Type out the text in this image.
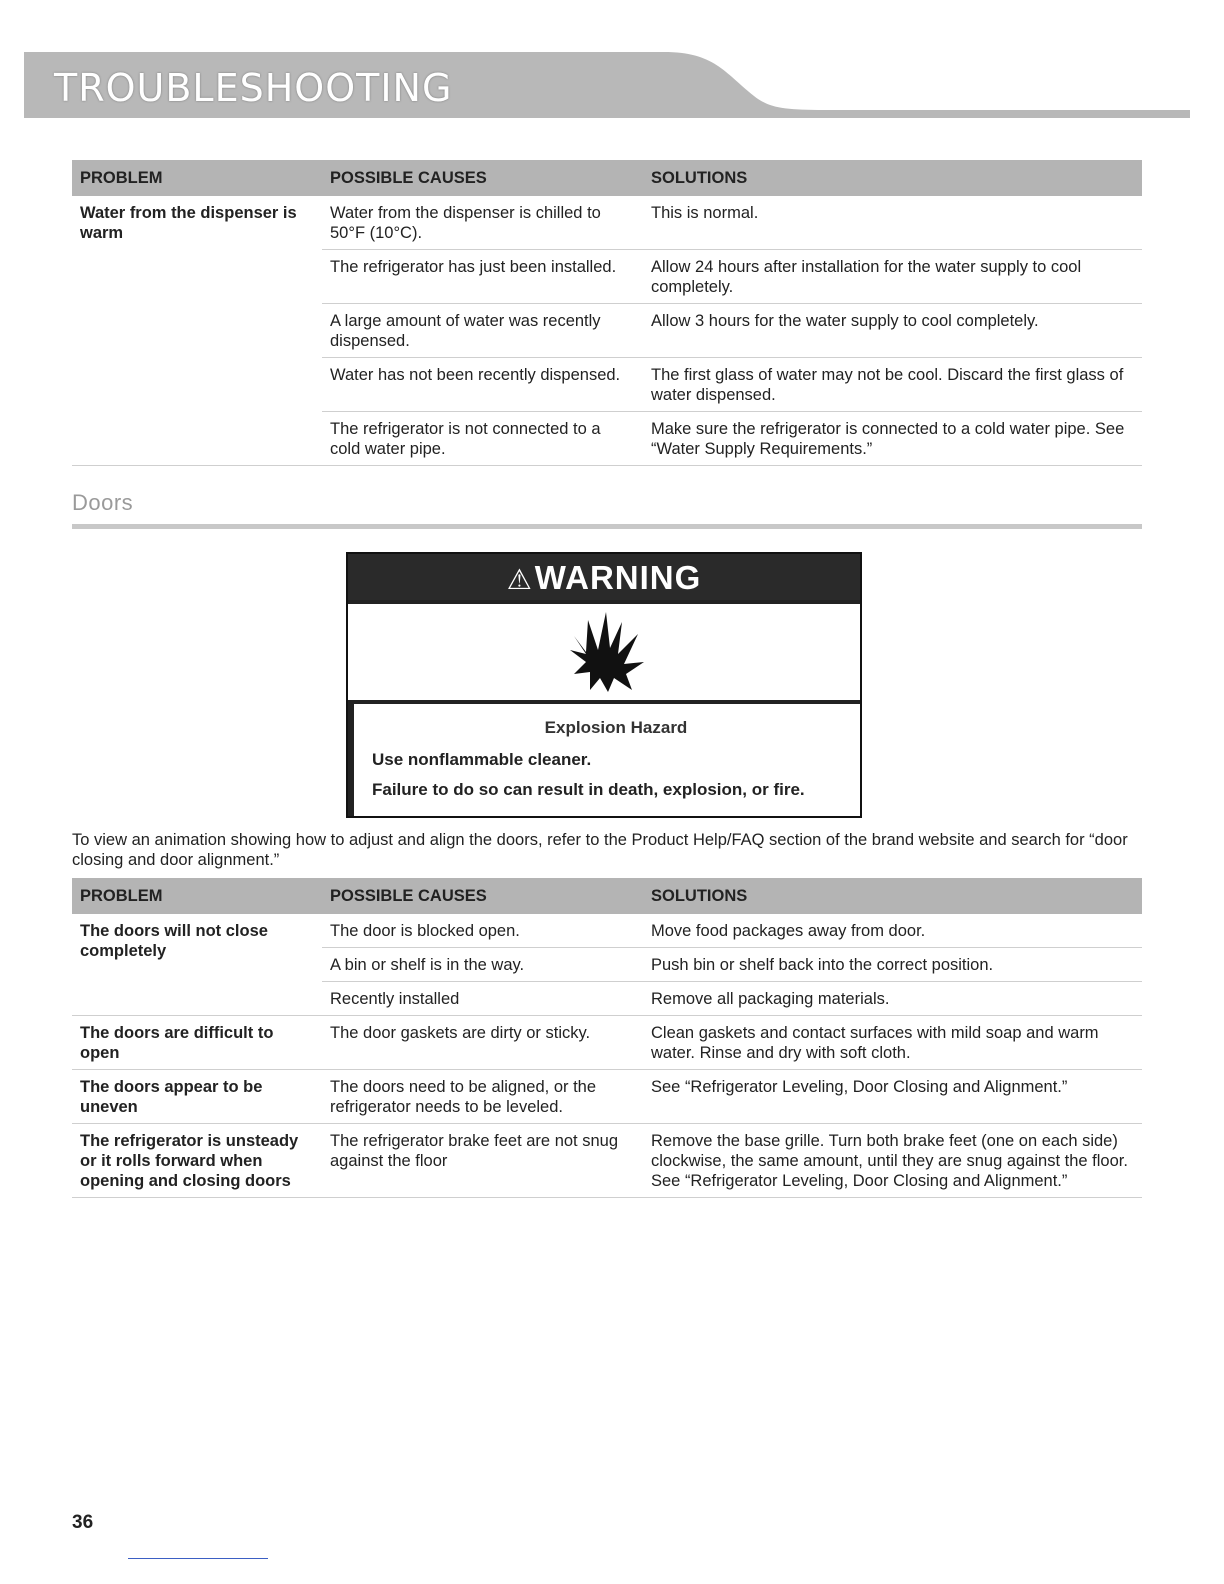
TROUBLESHOOTING
PROBLEM	POSSIBLE CAUSES	SOLUTIONS
Water from the dispenser is warm	Water from the dispenser is chilled to 50°F (10°C).	This is normal.
	The refrigerator has just been installed.	Allow 24 hours after installation for the water supply to cool completely.
	A large amount of water was recently dispensed.	Allow 3 hours for the water supply to cool completely.
	Water has not been recently dispensed.	The first glass of water may not be cool. Discard the first glass of water dispensed.
	The refrigerator is not connected to a cold water pipe.	Make sure the refrigerator is connected to a cold water pipe. See “Water Supply Requirements.”
Doors
⚠WARNING
Explosion Hazard
Use nonflammable cleaner.
Failure to do so can result in death, explosion, or fire.
To view an animation showing how to adjust and align the doors, refer to the Product Help/FAQ section of the brand website and search for “door closing and door alignment.”
PROBLEM	POSSIBLE CAUSES	SOLUTIONS
The doors will not close completely	The door is blocked open.	Move food packages away from door.
	A bin or shelf is in the way.	Push bin or shelf back into the correct position.
	Recently installed	Remove all packaging materials.
The doors are difficult to open	The door gaskets are dirty or sticky.	Clean gaskets and contact surfaces with mild soap and warm water. Rinse and dry with soft cloth.
The doors appear to be uneven	The doors need to be aligned, or the refrigerator needs to be leveled.	See “Refrigerator Leveling, Door Closing and Alignment.”
The refrigerator is unsteady or it rolls forward when opening and closing doors	The refrigerator brake feet are not snug against the floor	Remove the base grille. Turn both brake feet (one on each side) clockwise, the same amount, until they are snug against the floor. See “Refrigerator Leveling, Door Closing and Alignment.”
36
